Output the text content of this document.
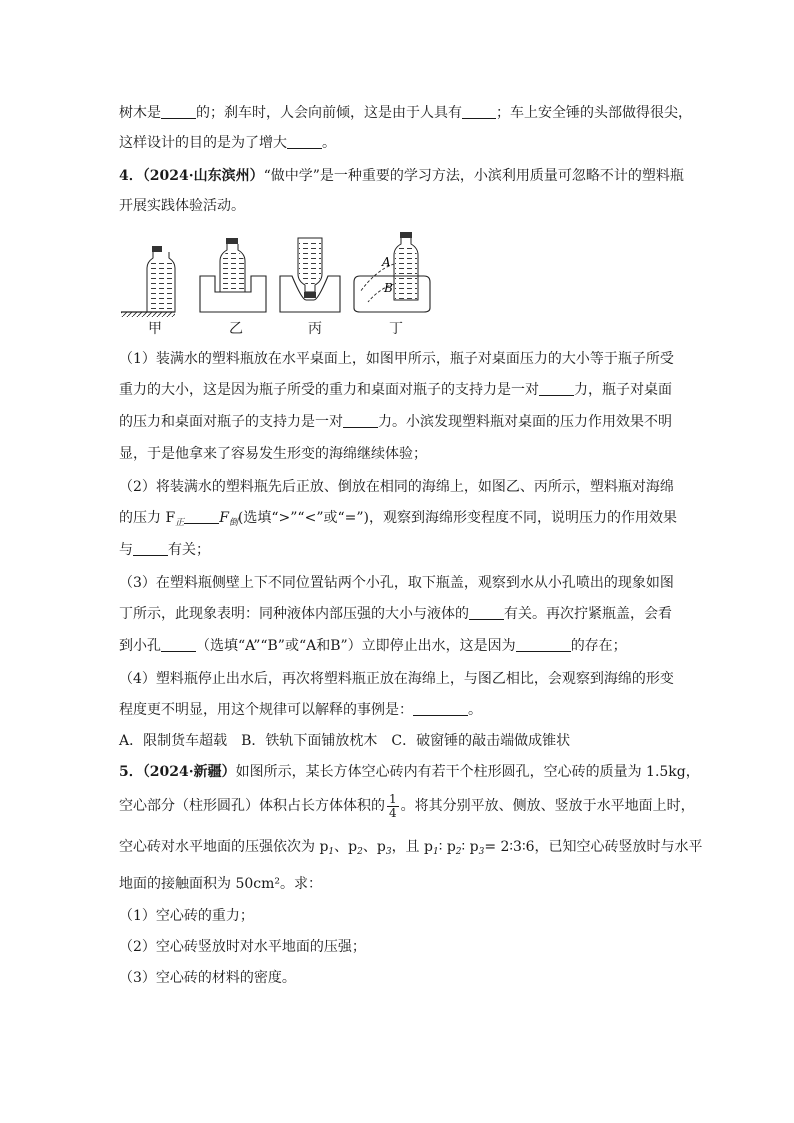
树木是	的；刹车时，人会向前倾，这是由于人具有 ；车上安全锤的头部做得很尖，
这样设计的目的是为了增大	。
4．（2024·山东滨州）“做中学”是一种重要的学习方法，小滨利用质量可忽略不计的塑料瓶
开展实践体验活动。
A
B
甲	乙	丙	丁
（1）装满水的塑料瓶放在水平桌面上，如图甲所示，瓶子对桌面压力的大小等于瓶子所受
重力的大小，这是因为瓶子所受的重力和桌面对瓶子的支持力是一对	力，瓶子对桌面
的压力和桌面对瓶子的支持力是一对	力。小滨发现塑料瓶对桌面的压力作用效果不明
显，于是他拿来了容易发生形变的海绵继续体验；
（2）将装满水的塑料瓶先后正放、倒放在相同的海绵上，如图乙、丙所示，塑料瓶对海绵
的压力 $F_正$	$F_倒$(选填“>”“<”或“=”)，观察到海绵形变程度不同，说明压力的作用效果
与	有关；
（3）在塑料瓶侧壁上下不同位置钻两个小孔，取下瓶盖，观察到水从小孔喷出的现象如图
丁所示，此现象表明：同种液体内部压强的大小与液体的	有关。再次拧紧瓶盖，会看
到小孔	（选填“A”“B”或“A和B”）立即停止出水，这是因为	的存在；
（4）塑料瓶停止出水后，再次将塑料瓶正放在海绵上，与图乙相比，会观察到海绵的形变
程度更不明显，用这个规律可以解释的事例是：	。
A．限制货车超载　B．铁轨下面铺放枕木　C．破窗锤的敲击端做成锥状
5．（2024·新疆）如图所示，某长方体空心砖内有若干个柱形圆孔，空心砖的质量为 1.5kg，
空心部分（柱形圆孔）体积占长方体体积的 $\frac{1}{4}$ 。将其分别平放、侧放、竖放于水平地面上时，
空心砖对水平地面的压强依次为 $p_1$、$p_2$、$p_3$，且 $p_1∶$ $p_2∶$ $p_3=$ 2∶3∶6，已知空心砖竖放时与水平
地面的接触面积为 50cm²。求：
（1）空心砖的重力；
（2）空心砖竖放时对水平地面的压强；
（3）空心砖的材料的密度。
